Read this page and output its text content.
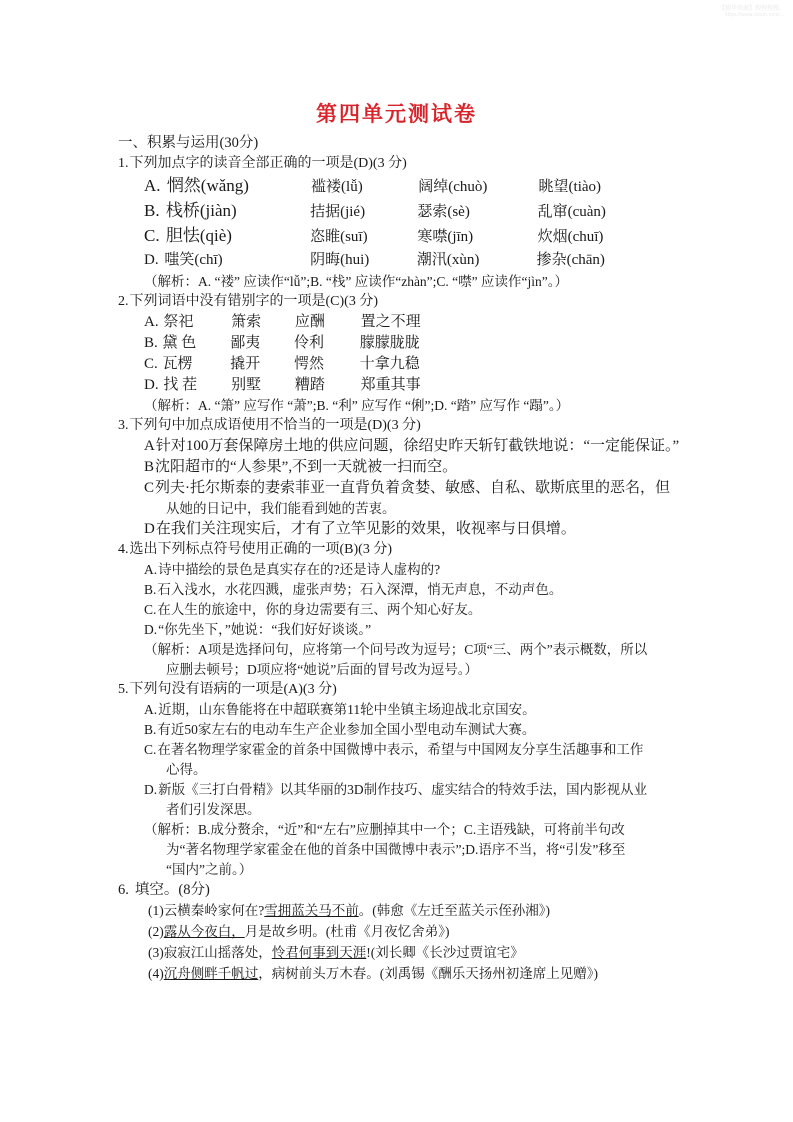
【精华资源】搜搜搜搜。
https://www.docin.com/...
第四单元测试卷
一、积累与运用(30分)
1.下列加点字的读音全部正确的一项是(D)(3 分)
A. 惘然(wǎng)	褴褛(lǚ)	阔绰(chuò)	眺望(tiào)
B. 栈桥(jiàn)	拮据(jié)	瑟索(sè)	乱窜(cuàn)
C. 胆怯(qiè)	恣睢(suī)	寒噤(jīn)	炊烟(chuī)
D. 嗤笑(chī)	阴晦(hui)	潮汛(xùn)	掺杂(chān)
（解析：A. “褛” 应读作“lǚ”;B. “栈” 应读作“zhàn”;C. “噤” 应读作“jìn”。）
2.下列词语中没有错别字的一项是(C)(3 分)
A. 祭祀	箫索 应酬 置之不理
B. 黛 色 鄙夷 伶利 朦朦胧胧
C. 瓦楞	撬开 愕然 十拿九稳
D. 找 茬 别墅 糟踏 郑重其事
（解析：A. “箫” 应写作 “萧”;B. “利” 应写作 “俐”;D. “踏” 应写作 “蹋”。）
3.下列句中加点成语使用不恰当的一项是(D)(3 分)
A针对100万套保障房土地的供应问题，徐绍史昨天斩钉截铁地说：“一定能保证。”
B沈阳超市的“人参果”,不到一天就被一扫而空。
C列夫·托尔斯泰的妻索菲亚一直背负着贪婪、敏感、自私、歇斯底里的恶名，但
从她的日记中，我们能看到她的苦衷。
D在我们关注现实后，才有了立竿见影的效果，收视率与日俱增。
4.选出下列标点符号使用正确的一项(B)(3 分)
A.诗中描绘的景色是真实存在的?还是诗人虚构的?
B.石入浅水，水花四溅，虚张声势；石入深潭，悄无声息，不动声色。
C.在人生的旅途中，你的身边需要有三、两个知心好友。
D.“你先坐下，”她说：“我们好好谈谈。”
（解析：A项是选择问句，应将第一个问号改为逗号；C项“三、两个”表示概数，所以
应删去顿号；D项应将“她说”后面的冒号改为逗号。）
5.下列句没有语病的一项是(A)(3 分)
A.近期，山东鲁能将在中超联赛第11轮中坐镇主场迎战北京国安。
B.有近50家左右的电动车生产企业参加全国小型电动车测试大赛。
C.在著名物理学家霍金的首条中国微博中表示，希望与中国网友分享生活趣事和工作
心得。
D.新版《三打白骨精》以其华丽的3D制作技巧、虚实结合的特效手法，国内影视从业
者们引发深思。
（解析：B.成分赘余，“近”和“左右”应删掉其中一个；C.主语残缺，可将前半句改
为“著名物理学家霍金在他的首条中国微博中表示”;D.语序不当，将“引发”移至
“国内”之前。）
6. 填空。(8分)
(1)云横秦岭家何在?雪拥蓝关马不前。(韩愈《左迁至蓝关示侄孙湘》)
(2)露从今夜白，月是故乡明。(杜甫《月夜忆舍弟》)
(3)寂寂江山摇落处，怜君何事到天涯!(刘长卿《长沙过贾谊宅》
(4)沉舟侧畔千帆过，病树前头万木春。(刘禹锡《酬乐天扬州初逢席上见赠》)
